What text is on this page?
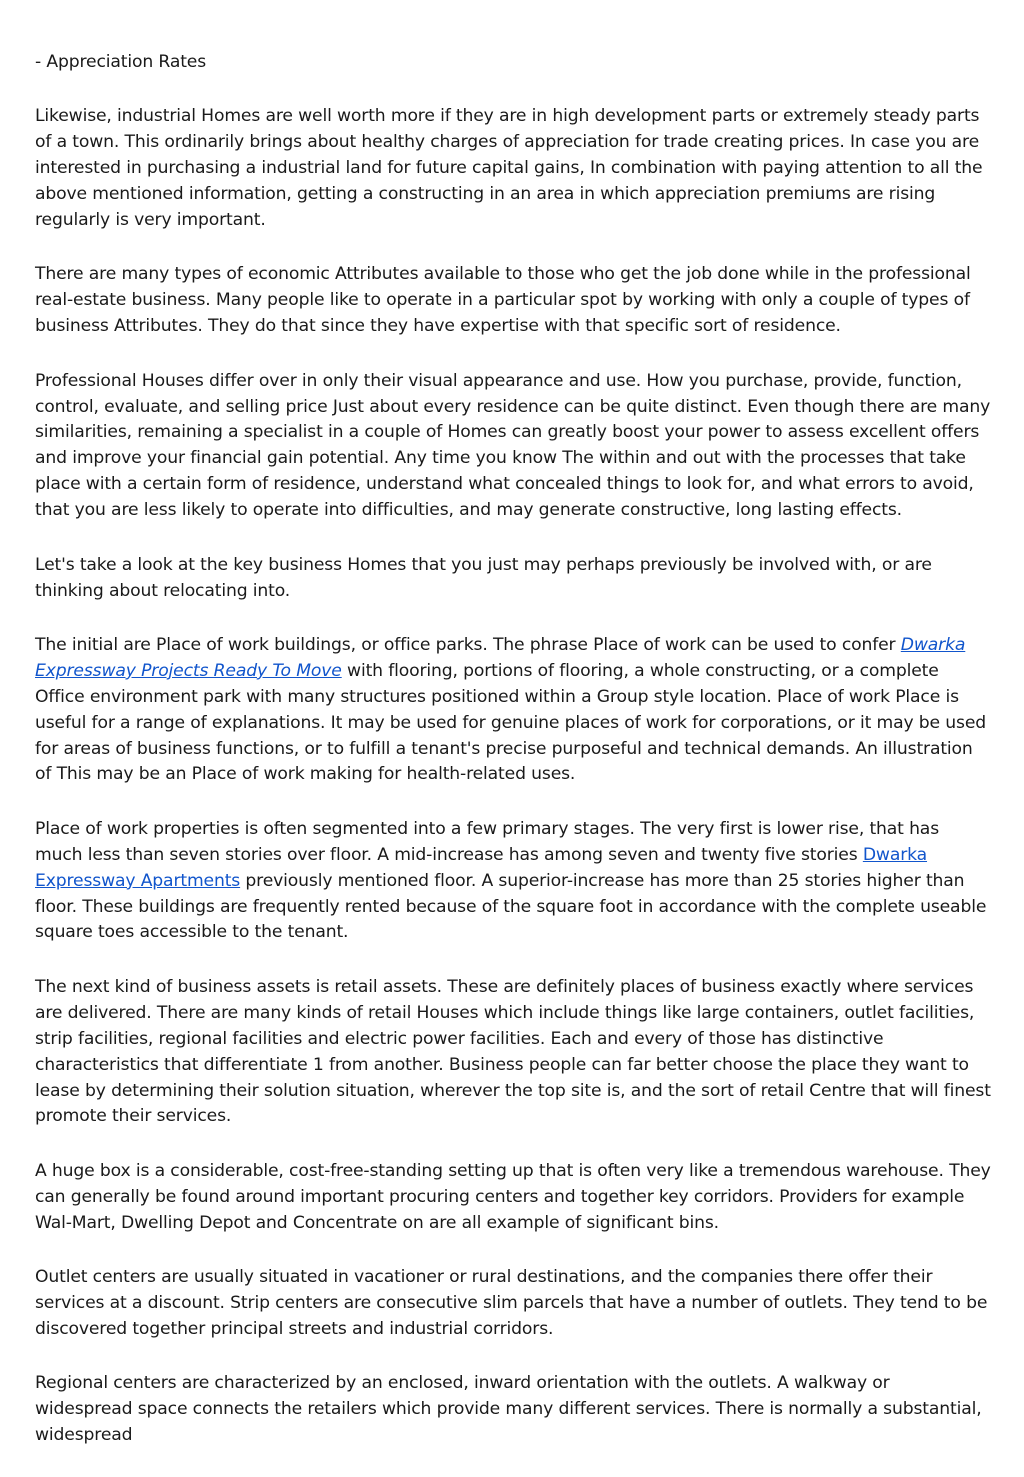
- Appreciation Rates

Likewise, industrial Homes are well worth more if they are in high development parts or extremely steady parts of a town. This ordinarily brings about healthy charges of appreciation for trade creating prices. In case you are interested in purchasing a industrial land for future capital gains, In combination with paying attention to all the above mentioned information, getting a constructing in an area in which appreciation premiums are rising regularly is very important.

There are many types of economic Attributes available to those who get the job done while in the professional real-estate business. Many people like to operate in a particular spot by working with only a couple of types of business Attributes. They do that since they have expertise with that specific sort of residence.

Professional Houses differ over in only their visual appearance and use. How you purchase, provide, function, control, evaluate, and selling price Just about every residence can be quite distinct. Even though there are many similarities, remaining a specialist in a couple of Homes can greatly boost your power to assess excellent offers and improve your financial gain potential. Any time you know The within and out with the processes that take place with a certain form of residence, understand what concealed things to look for, and what errors to avoid, that you are less likely to operate into difficulties, and may generate constructive, long lasting effects.

Let's take a look at the key business Homes that you just may perhaps previously be involved with, or are thinking about relocating into.

The initial are Place of work buildings, or office parks. The phrase Place of work can be used to confer Dwarka Expressway Projects Ready To Move with flooring, portions of flooring, a whole constructing, or a complete Office environment park with many structures positioned within a Group style location. Place of work Place is useful for a range of explanations. It may be used for genuine places of work for corporations, or it may be used for areas of business functions, or to fulfill a tenant's precise purposeful and technical demands. An illustration of This may be an Place of work making for health-related uses.

Place of work properties is often segmented into a few primary stages. The very first is lower rise, that has much less than seven stories over floor. A mid-increase has among seven and twenty five stories Dwarka Expressway Apartments previously mentioned floor. A superior-increase has more than 25 stories higher than floor. These buildings are frequently rented because of the square foot in accordance with the complete useable square toes accessible to the tenant.

The next kind of business assets is retail assets. These are definitely places of business exactly where services are delivered. There are many kinds of retail Houses which include things like large containers, outlet facilities, strip facilities, regional facilities and electric power facilities. Each and every of those has distinctive characteristics that differentiate 1 from another. Business people can far better choose the place they want to lease by determining their solution situation, wherever the top site is, and the sort of retail Centre that will finest promote their services.

A huge box is a considerable, cost-free-standing setting up that is often very like a tremendous warehouse. They can generally be found around important procuring centers and together key corridors. Providers for example Wal-Mart, Dwelling Depot and Concentrate on are all example of significant bins.

Outlet centers are usually situated in vacationer or rural destinations, and the companies there offer their services at a discount. Strip centers are consecutive slim parcels that have a number of outlets. They tend to be discovered together principal streets and industrial corridors.

Regional centers are characterized by an enclosed, inward orientation with the outlets. A walkway or widespread space connects the retailers which provide many different services. There is normally a substantial, widespread
